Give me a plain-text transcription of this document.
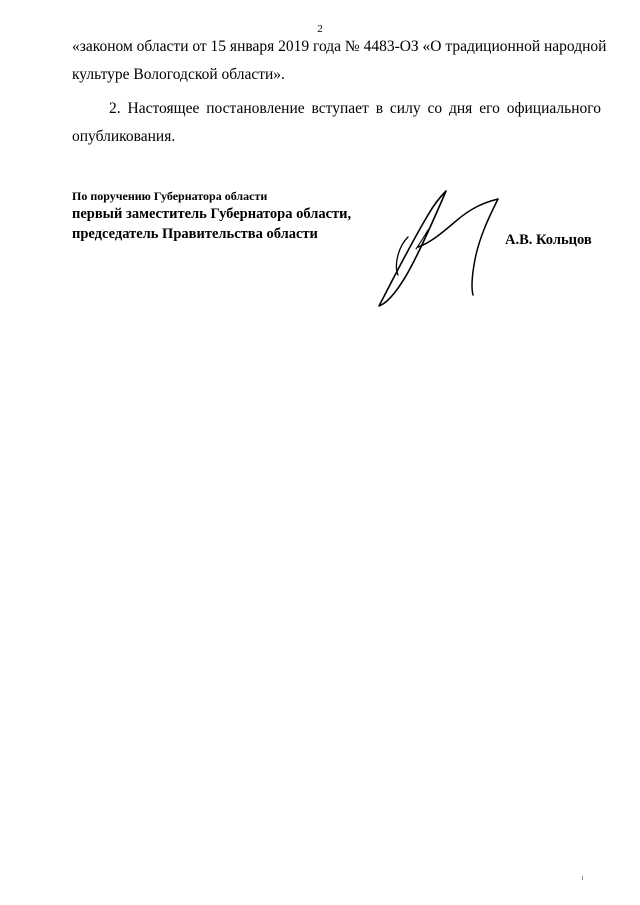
2
«законом области от 15 января 2019 года № 4483-ОЗ «О традиционной народной
культуре Вологодской области».
2. Настоящее постановление вступает в силу со дня его официального
опубликования.
По поручению Губернатора области
первый заместитель Губернатора области,
председатель Правительства области	А.В. Кольцов
